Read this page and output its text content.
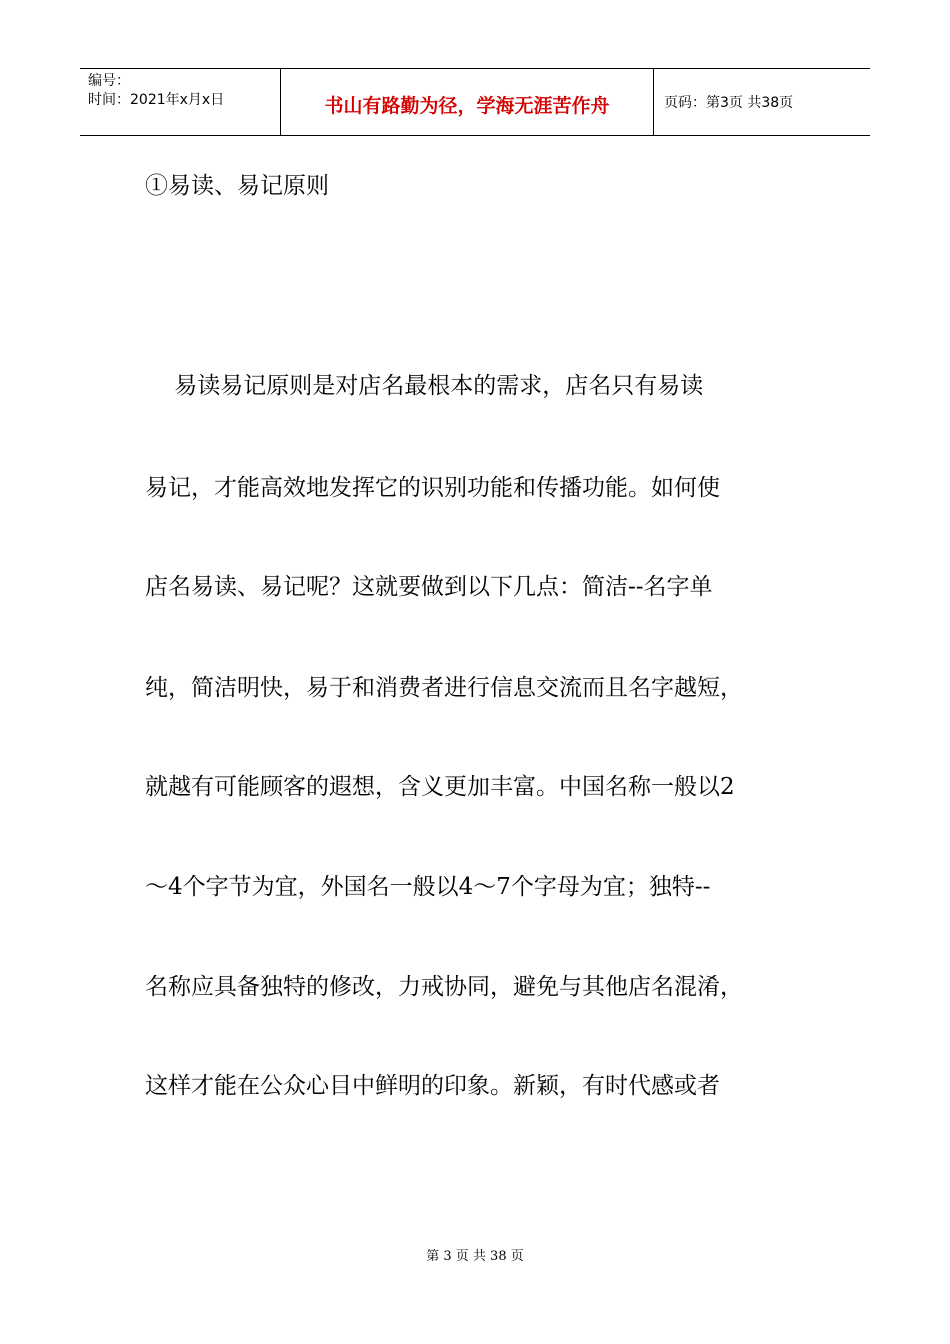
编号：
时间：2021年x月x日	书山有路勤为径，学海无涯苦作舟	页码：第3页 共38页
①易读、易记原则
易读易记原则是对店名最根本的需求，店名只有易读
易记，才能高效地发挥它的识别功能和传播功能。如何使
店名易读、易记呢？这就要做到以下几点：简洁--名字单
纯，简洁明快，易于和消费者进行信息交流而且名字越短，
就越有可能顾客的遐想，含义更加丰富。中国名称一般以2
～4个字节为宜，外国名一般以4～7个字母为宜；独特--
名称应具备独特的修改，力戒协同，避免与其他店名混淆，
这样才能在公众心目中鲜明的印象。新颖，有时代感或者
第 3 页 共 38 页
